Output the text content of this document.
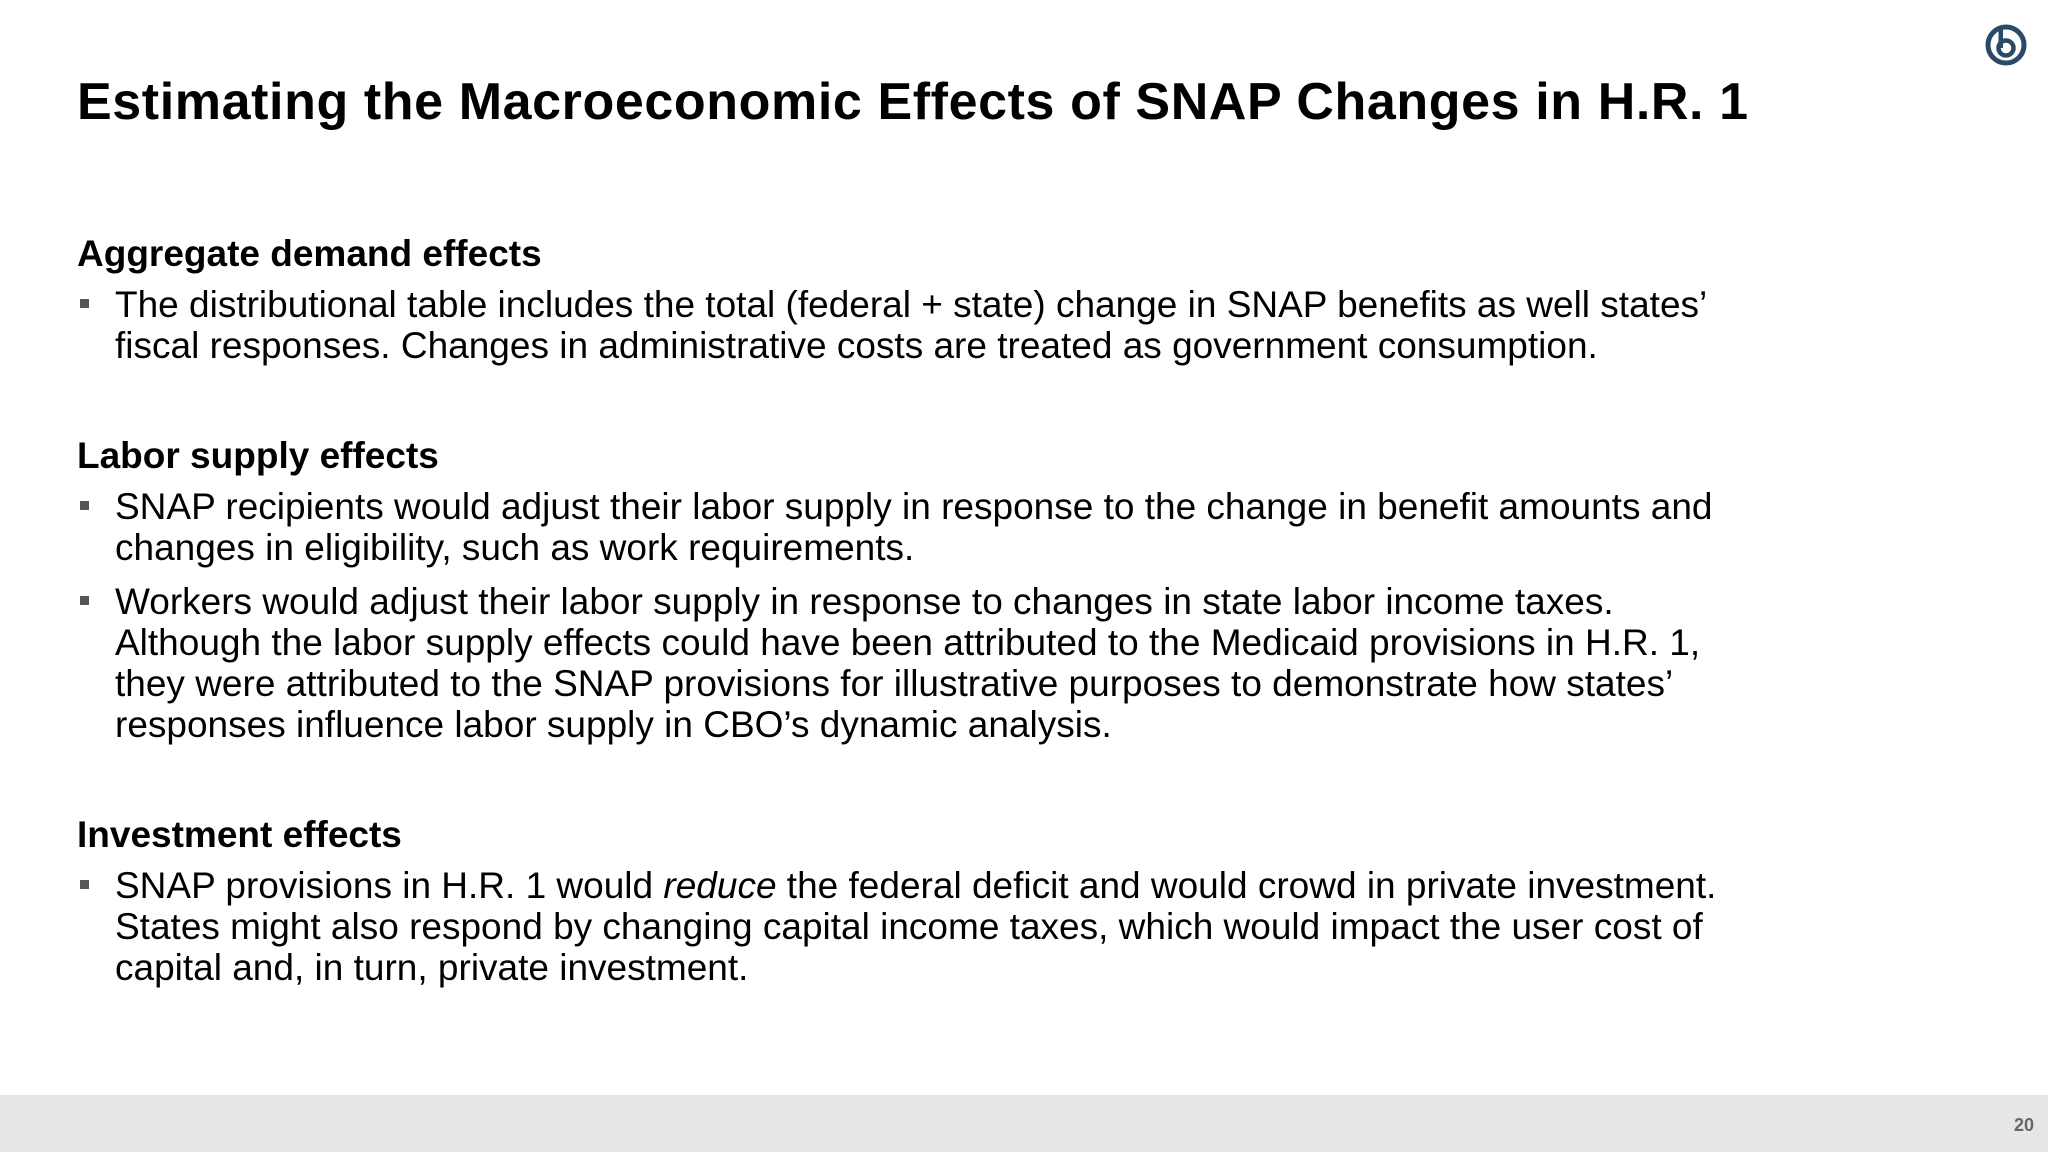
Estimating the Macroeconomic Effects of SNAP Changes in H.R. 1
Aggregate demand effects
The distributional table includes the total (federal + state) change in SNAP benefits as well states’
fiscal responses. Changes in administrative costs are treated as government consumption.
Labor supply effects
SNAP recipients would adjust their labor supply in response to the change in benefit amounts and
changes in eligibility, such as work requirements.
Workers would adjust their labor supply in response to changes in state labor income taxes.
Although the labor supply effects could have been attributed to the Medicaid provisions in H.R. 1,
they were attributed to the SNAP provisions for illustrative purposes to demonstrate how states’
responses influence labor supply in CBO’s dynamic analysis.
Investment effects
SNAP provisions in H.R. 1 would reduce the federal deficit and would crowd in private investment.
States might also respond by changing capital income taxes, which would impact the user cost of
capital and, in turn, private investment.
20
